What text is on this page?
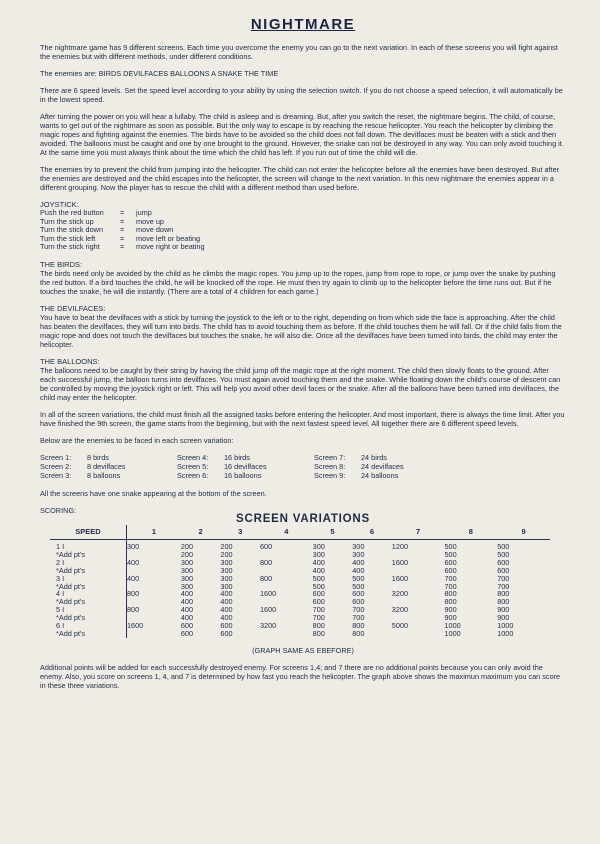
NIGHTMARE

The nightmare game has 9 different screens. Each time you overcome the enemy you can go to the next variation. In each of these screens you will fight against the enemies but with different methods, under different conditions.

The enemies are: BIRDS DEVILFACES BALLOONS A SNAKE THE TIME

There are 6 speed levels. Set the speed level according to your ability by using the selection switch. If you do not choose a speed selection, it will automatically be in the lowest speed.

After turning the power on you will hear a lullaby. The child is asleep and is dreaming. But, after you switch the reset, the nightmare begins. The child, of course, wants to get out of the nightmare as soon as possible. But the only way to escape is by reaching the rescue helicopter. You reach the helicopter by climbing the magic ropes and fighting against the enemies. The birds have to be avoided so the child does not fall down. The devilfaces must be beaten with a stick and then avoided. The balloons must be caught and one by one brought to the ground. However, the snake can not be destroyed in any way. You can only avoid touching it. At the same time you must always think about the time which the child has left. If you run out of time the child will die.

The enemies try to prevent the child from jumping into the helicopter. The child can not enter the helicopter before all the enemies have been destroyed. But after the enemies are destroyed and the child escapes into the helicopter, the screen will change to the next variation. In this new nightmare the enemies appear in a different grouping. Now the player has to rescue the child with a different method than used before.

JOYSTICK:
Push the red button	=	jump
Turn the stick up	=	move up
Turn the stick down	=	move down
Turn the stick left	=	move left or beating
Turn the stick right	=	move right or beating
THE BIRDS:

The birds need only be avoided by the child as he climbs the magic ropes. You jump up to the ropes, jump from rope to rope, or jump over the snake by pushing the red button. If a bird touches the child, he will be knocked off the rope. He must then try again to climb up to the helicopter before the time runs out. But if he touches the snake, he will die instantly. (There are a total of 4 children for each game.)

THE DEVILFACES:

You have to beat the devilfaces with a stick by turning the joystick to the left or to the right, depending on from which side the face is approaching. After the child has beaten the devilfaces, they will turn into birds. The child has to avoid touching them as before. If the child touches them he will fall. Or if the child falls from the magic rope and does not touch the devilfaces but touches the snake, he will also die. Once all the devilfaces have been turned into birds, the child may enter the helicopter.

THE BALLOONS:

The balloons need to be caught by their string by having the child jump off the magic rope at the right moment. The child then slowly floats to the ground. After each successful jump, the balloon turns into devilfaces. You must again avoid touching them and the snake. While floating down the child's course of descent can be controlled by moving the joystick right or left. This will help you avoid other devil faces or the snake. After all the balloons have been turned into devilfaces, the child may enter the helicopter.

In all of the screen variations, the child must finish all the assigned tasks before entering the helicopter. And most important, there is always the time limit. After you have finished the 9th screen, the game starts from the beginning, but with the next fastest speed level. All together there are 6 different speed levels.

Below are the enemies to be faced in each screen variation:

Screen 1:	8 birds
Screen 2:	8 devilfaces
Screen 3:	8 balloons
Screen 4:	16 birds
Screen 5:	16 devilfaces
Screen 6:	16 balloons
Screen 7:	24 birds
Screen 8:	24 devilfaces
Screen 9:	24 balloons

All the screens have one snake appearing at the bottom of the screen.

SCORING:

SCREEN VARIATIONS
SPEED	1	2	3	4	5	6	7	8	9
1 I	300	200	200	600	300	300	1200	500	500
*Add pt's		200	200		300	300		500	500
2 I	400	300	300	800	400	400	1600	600	600
*Add pt's		300	300		400	400		600	600
3 I	400	300	300	800	500	500	1600	700	700
*Add pt's		300	300		500	500		700	700
4 I	800	400	400	1600	600	600	3200	800	800
*Add pt's		400	400		600	600		800	800
5 I	800	400	400	1600	700	700	3200	900	900
*Add pt's		400	400		700	700		900	900
6 I	1600	600	600	3200	800	800	5000	1000	1000
*Add pt's		600	600		800	800		1000	1000
(GRAPH SAME AS EBEFORE)

Additional points will be added for each successfully destroyed enemy. For screens 1,4; and 7 there are no additional points because you can only avoid the enemy. Also, you score on screens 1, 4, and 7 is determined by how fast you reach the helicopter. The graph above shows the maximun maximum you can score in these three variations.
